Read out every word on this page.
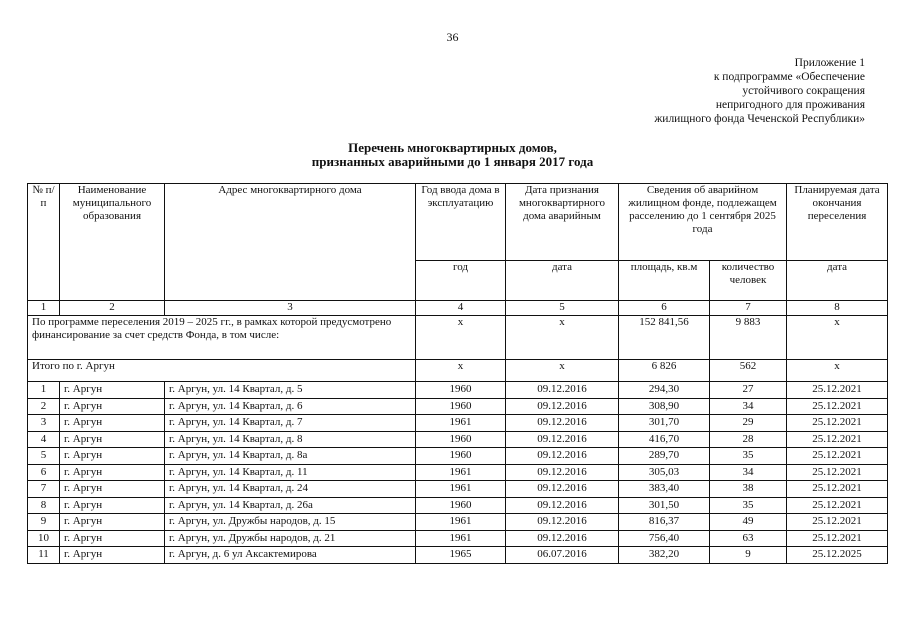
36
Приложение 1
к подпрограмме «Обеспечение
устойчивого сокращения
непригодного для проживания
жилищного фонда Чеченской Республики»
Перечень многоквартирных домов,
признанных аварийными до 1 января 2017 года
№ п/п	Наименование муниципального образования	Адрес многоквартирного дома	Год ввода дома в эксплуатацию	Дата признания многоквартирного дома аварийным	Сведения об аварийном жилищном фонде, подлежащем расселению до 1 сентября 2025 года		Планируемая дата окончания переселения
			год	дата	площадь, кв.м	количество человек	дата
1	2	3	4	5	6	7	8
По программе переселения 2019 – 2025 гг., в рамках которой предусмотрено финансирование за счет средств Фонда, в том числе:			х	х	152 841,56	9 883	х
Итого по г. Аргун			х	х	6 826	562	х
1	г. Аргун	г. Аргун, ул. 14 Квартал, д. 5	1960	09.12.2016	294,30	27	25.12.2021
2	г. Аргун	г. Аргун, ул. 14 Квартал, д. 6	1960	09.12.2016	308,90	34	25.12.2021
3	г. Аргун	г. Аргун, ул. 14 Квартал, д. 7	1961	09.12.2016	301,70	29	25.12.2021
4	г. Аргун	г. Аргун, ул. 14 Квартал, д. 8	1960	09.12.2016	416,70	28	25.12.2021
5	г. Аргун	г. Аргун, ул. 14 Квартал, д. 8а	1960	09.12.2016	289,70	35	25.12.2021
6	г. Аргун	г. Аргун, ул. 14 Квартал, д. 11	1961	09.12.2016	305,03	34	25.12.2021
7	г. Аргун	г. Аргун, ул. 14 Квартал, д. 24	1961	09.12.2016	383,40	38	25.12.2021
8	г. Аргун	г. Аргун, ул. 14 Квартал, д. 26а	1960	09.12.2016	301,50	35	25.12.2021
9	г. Аргун	г. Аргун, ул. Дружбы народов, д. 15	1961	09.12.2016	816,37	49	25.12.2021
10	г. Аргун	г. Аргун, ул. Дружбы народов, д. 21	1961	09.12.2016	756,40	63	25.12.2021
11	г. Аргун	г. Аргун, д. 6 ул Аксактемирова	1965	06.07.2016	382,20	9	25.12.2025
